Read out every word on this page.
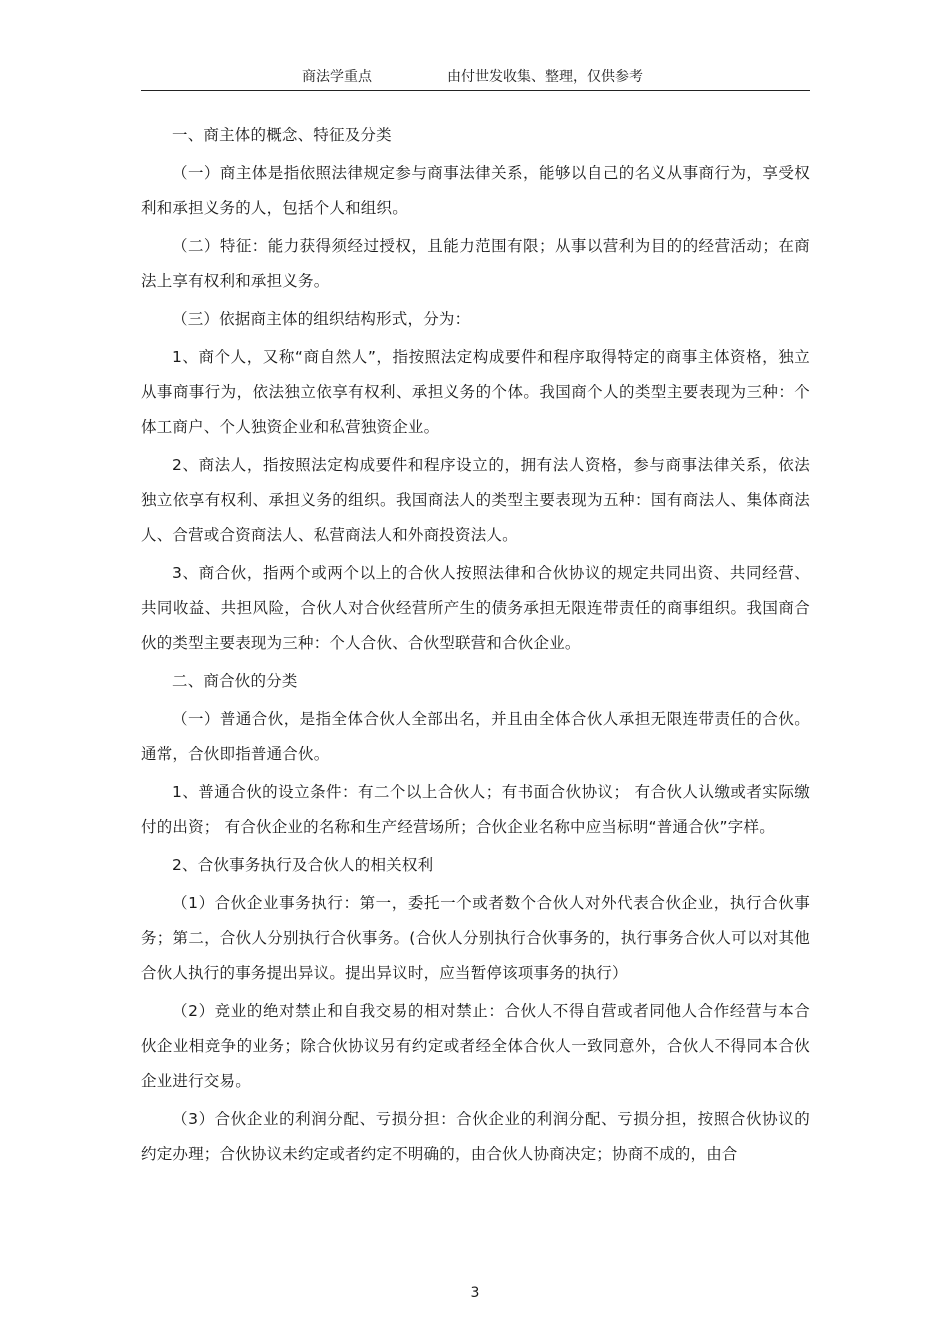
商法学重点	由付世发收集、整理，仅供参考

一、商主体的概念、特征及分类

（一）商主体是指依照法律规定参与商事法律关系，能够以自己的名义从事商行为，享受权利和承担义务的人，包括个人和组织。

（二）特征：能力获得须经过授权，且能力范围有限；从事以营利为目的的经营活动；在商法上享有权利和承担义务。

（三）依据商主体的组织结构形式，分为：

1、商个人，又称“商自然人”，指按照法定构成要件和程序取得特定的商事主体资格，独立从事商事行为，依法独立依享有权利、承担义务的个体。我国商个人的类型主要表现为三种：个体工商户、个人独资企业和私营独资企业。

2、商法人，指按照法定构成要件和程序设立的，拥有法人资格，参与商事法律关系，依法独立依享有权利、承担义务的组织。我国商法人的类型主要表现为五种：国有商法人、集体商法人、合营或合资商法人、私营商法人和外商投资法人。

3、商合伙，指两个或两个以上的合伙人按照法律和合伙协议的规定共同出资、共同经营、共同收益、共担风险，合伙人对合伙经营所产生的债务承担无限连带责任的商事组织。我国商合伙的类型主要表现为三种：个人合伙、合伙型联营和合伙企业。

二、商合伙的分类

（一）普通合伙，是指全体合伙人全部出名，并且由全体合伙人承担无限连带责任的合伙。通常，合伙即指普通合伙。

1、普通合伙的设立条件：有二个以上合伙人；有书面合伙协议； 有合伙人认缴或者实际缴付的出资； 有合伙企业的名称和生产经营场所；合伙企业名称中应当标明“普通合伙”字样。

2、合伙事务执行及合伙人的相关权利

（1）合伙企业事务执行：第一，委托一个或者数个合伙人对外代表合伙企业，执行合伙事务；第二，合伙人分别执行合伙事务。(合伙人分别执行合伙事务的，执行事务合伙人可以对其他合伙人执行的事务提出异议。提出异议时，应当暂停该项事务的执行）

（2）竞业的绝对禁止和自我交易的相对禁止：合伙人不得自营或者同他人合作经营与本合伙企业相竞争的业务；除合伙协议另有约定或者经全体合伙人一致同意外，合伙人不得同本合伙企业进行交易。

（3）合伙企业的利润分配、亏损分担：合伙企业的利润分配、亏损分担，按照合伙协议的约定办理；合伙协议未约定或者约定不明确的，由合伙人协商决定；协商不成的，由合

3
